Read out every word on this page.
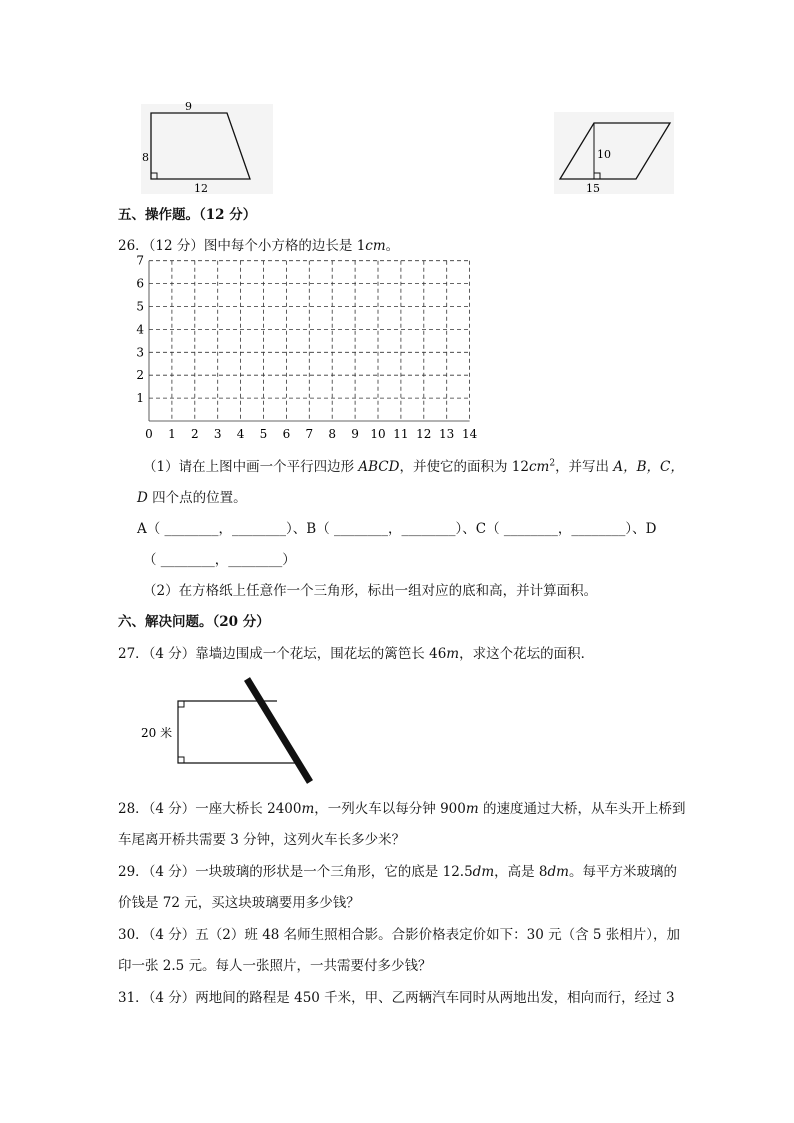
9
8
12
10
15
五、操作题。（12 分）
26．（12 分）图中每个小方格的边长是 1cm。
0 1 2 3 4 5 6 7 8 9 10 11 12 13 14
1
2
3
4
5
6
7
（1）请在上图中画一个平行四边形 ABCD，并使它的面积为 $12cm^2$，并写出 A，B，C，
D 四个点的位置。
A（ ________，________）、B（ ________，________）、C（ ________，________）、D
（ ________，________）
（2）在方格纸上任意作一个三角形，标出一组对应的底和高，并计算面积。
六、解决问题。（20 分）
27．（4 分）靠墙边围成一个花坛，围花坛的篱笆长 46m，求这个花坛的面积．
20 米
28．（4 分）一座大桥长 2400m，一列火车以每分钟 900m 的速度通过大桥，从车头开上桥到
车尾离开桥共需要 3 分钟，这列火车长多少米？
29．（4 分）一块玻璃的形状是一个三角形，它的底是 12.5dm，高是 8dm。每平方米玻璃的
价钱是 72 元，买这块玻璃要用多少钱？
30．（4 分）五（2）班 48 名师生照相合影。合影价格表定价如下：30 元（含 5 张相片），加
印一张 2.5 元。每人一张照片，一共需要付多少钱？
31．（4 分）两地间的路程是 450 千米，甲、乙两辆汽车同时从两地出发，相向而行，经过 3
